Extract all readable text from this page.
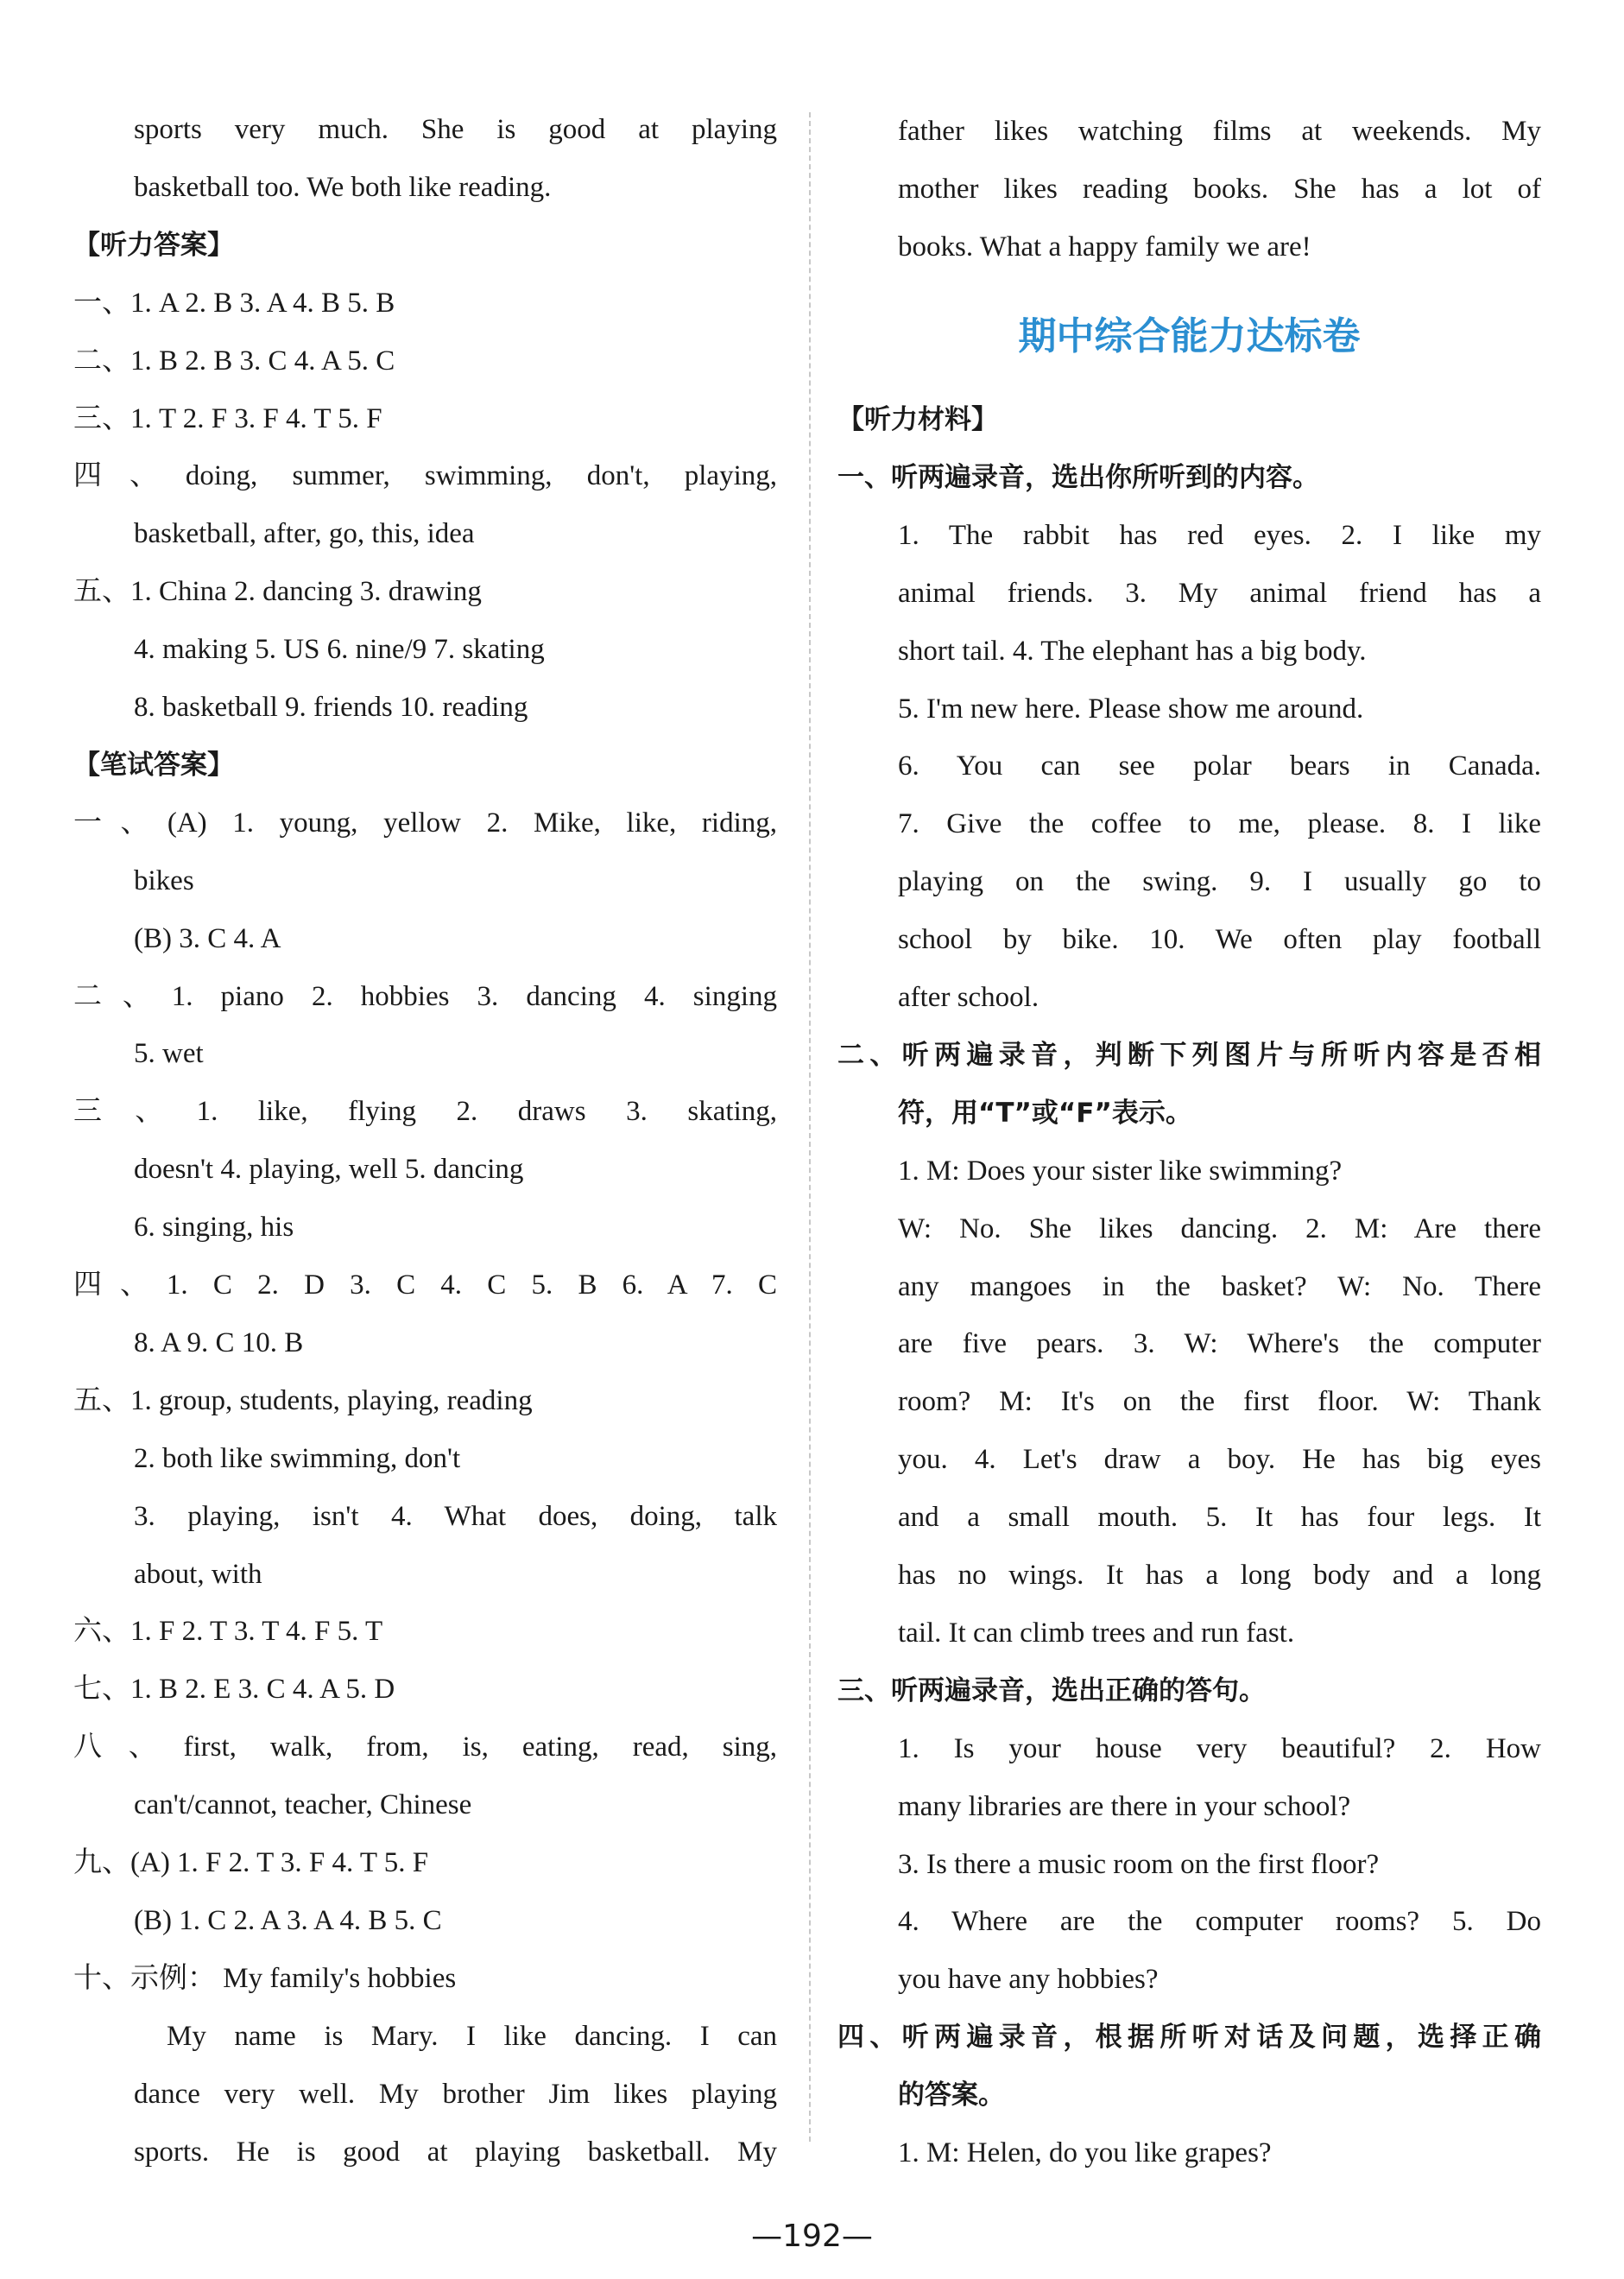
sports very much. She is good at playing
basketball too. We both like reading.
【听力答案】
一、1. A 2. B 3. A 4. B 5. B
二、1. B 2. B 3. C 4. A 5. C
三、1. T 2. F 3. F 4. T 5. F
四、doing, summer, swimming, don't, playing,
basketball, after, go, this, idea
五、1. China 2. dancing 3. drawing
4. making 5. US 6. nine/9 7. skating
8. basketball 9. friends 10. reading
【笔试答案】
一、(A) 1. young, yellow 2. Mike, like, riding,
bikes
(B) 3. C 4. A
二、1. piano 2. hobbies 3. dancing 4. singing
5. wet
三、1. like, flying 2. draws 3. skating,
doesn't 4. playing, well 5. dancing
6. singing, his
四、1. C 2. D 3. C 4. C 5. B 6. A 7. C
8. A 9. C 10. B
五、1. group, students, playing, reading
2. both like swimming, don't
3. playing, isn't 4. What does, doing, talk
about, with
六、1. F 2. T 3. T 4. F 5. T
七、1. B 2. E 3. C 4. A 5. D
八、first, walk, from, is, eating, read, sing,
can't/cannot, teacher, Chinese
九、(A) 1. F 2. T 3. F 4. T 5. F
(B) 1. C 2. A 3. A 4. B 5. C
十、示例： My family's hobbies
My name is Mary. I like dancing. I can
dance very well. My brother Jim likes playing
sports. He is good at playing basketball. My
期中综合能力达标卷
father likes watching films at weekends. My
mother likes reading books. She has a lot of
books. What a happy family we are!
【听力材料】
一、听两遍录音，选出你所听到的内容。
1. The rabbit has red eyes. 2. I like my
animal friends. 3. My animal friend has a
short tail. 4. The elephant has a big body.
5. I'm new here. Please show me around.
6. You can see polar bears in Canada.
7. Give the coffee to me, please. 8. I like
playing on the swing. 9. I usually go to
school by bike. 10. We often play football
after school.
二、听两遍录音，判断下列图片与所听内容是否相
符，用“T”或“F”表示。
1. M: Does your sister like swimming?
W: No. She likes dancing. 2. M: Are there
any mangoes in the basket? W: No. There
are five pears. 3. W: Where's the computer
room? M: It's on the first floor. W: Thank
you. 4. Let's draw a boy. He has big eyes
and a small mouth. 5. It has four legs. It
has no wings. It has a long body and a long
tail. It can climb trees and run fast.
三、听两遍录音，选出正确的答句。
1. Is your house very beautiful? 2. How
many libraries are there in your school?
3. Is there a music room on the first floor?
4. Where are the computer rooms? 5. Do
you have any hobbies?
四、听两遍录音，根据所听对话及问题，选择正确
的答案。
1. M: Helen, do you like grapes?
—192—
